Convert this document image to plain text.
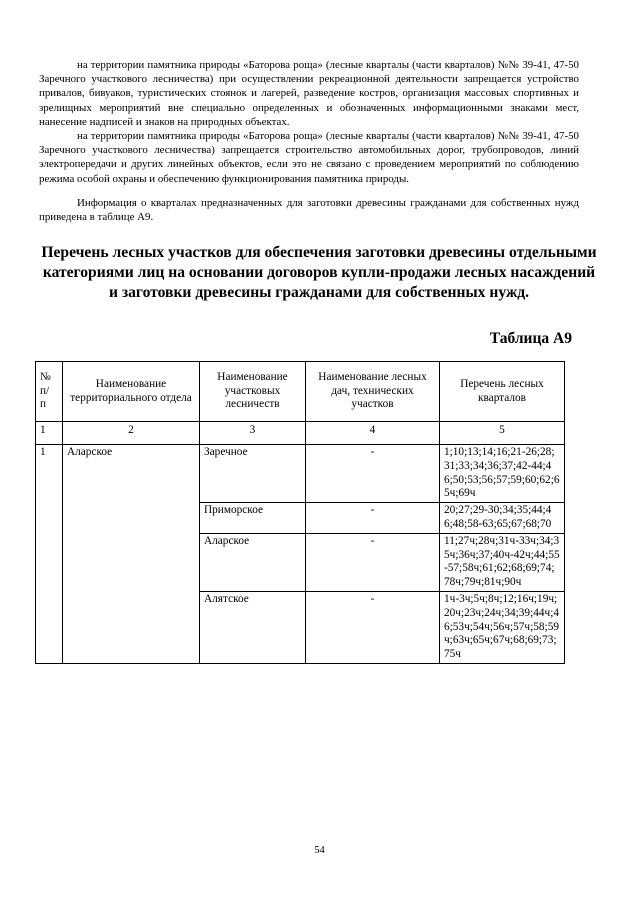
на территории памятника природы «Баторова роща» (лесные кварталы (части кварталов) №№ 39-41, 47-50 Заречного участкового лесничества) при осуществлении рекреационной деятельности запрещается устройство привалов, бивуаков, туристических стоянок и лагерей, разведение костров, организация массовых спортивных и зрелищных мероприятий вне специально определенных и обозначенных информационными знаками мест, нанесение надписей и знаков на природных объектах.

на территории памятника природы «Баторова роща» (лесные кварталы (части кварталов) №№ 39-41, 47-50 Заречного участкового лесничества) запрещается строительство автомобильных дорог, трубопроводов, линий электропередачи и других линейных объектов, если это не связано с проведением мероприятий по соблюдению режима особой охраны и обеспечению функционирования памятника природы.

Информация о кварталах предназначенных для заготовки древесины гражданами для собственных нужд приведена в таблице А9.

Перечень лесных участков для обеспечения заготовки древесины отдельными категориями лиц на основании договоров купли-продажи лесных насаждений и заготовки древесины гражданами для собственных нужд.

Таблица А9

№ п/ п	Наименование территориального отдела	Наименование участковых лесничеств	Наименование лесных дач, технических участков	Перечень лесных кварталов
1	2	3	4	5
1	Аларское	Заречное	-	1;10;13;14;16;21-26;28;31;33;34;36;37;42-44;46;50;53;56;57;59;60;62;65ч;69ч
		Приморское	-	20;27;29-30;34;35;44;46;48;58-63;65;67;68;70
		Аларское	-	11;27ч;28ч;31ч-33ч;34;35ч;36ч;37;40ч-42ч;44;55-57;58ч;61;62;68;69;74;78ч;79ч;81ч;90ч
		Алятское	-	1ч-3ч;5ч;8ч;12;16ч;19ч;20ч;23ч;24ч;34;39;44ч;46;53ч;54ч;56ч;57ч;58;59ч;63ч;65ч;67ч;68;69;73;75ч
54
